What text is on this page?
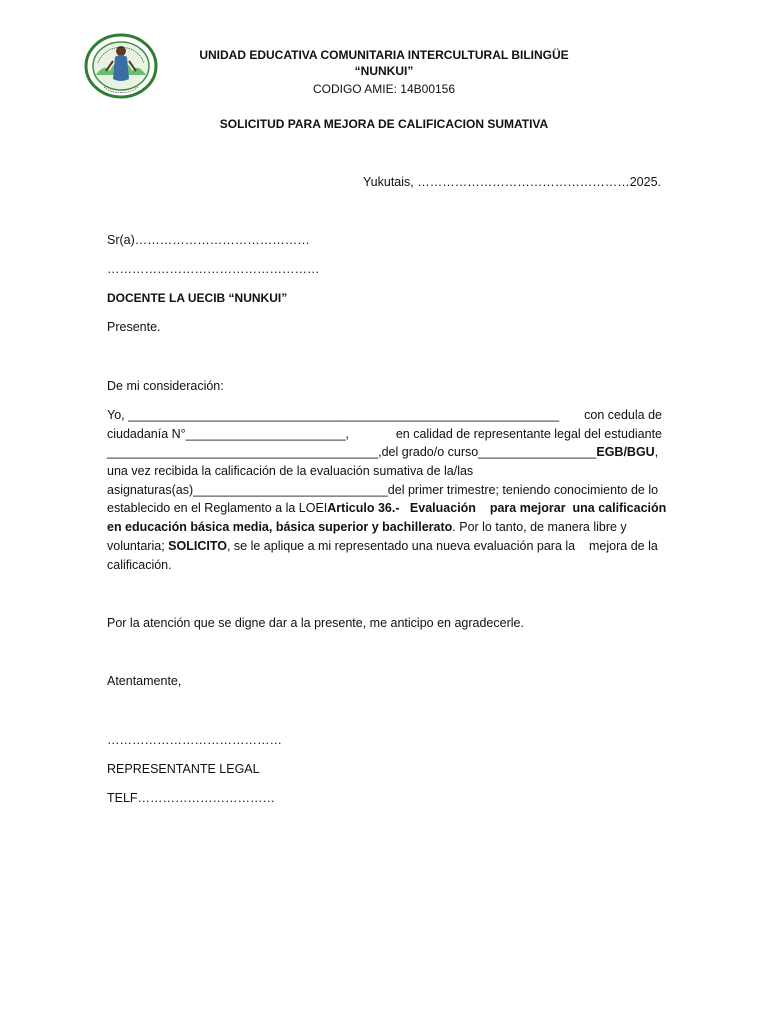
UNIDAD EDUCATIVA COMUNITARIA INTERCULTURAL BILINGÜE
“NUNKUI”
CODIGO AMIE: 14B00156
SOLICITUD PARA MEJORA DE CALIFICACION SUMATIVA
Yukutais, ……………………………………………2025.
Sr(a)……………………………………
……………………………………………
DOCENTE LA UECIB “NUNKUI”
Presente.
De mi consideración:
Yo, ______________________________________________________________ con cedula de
ciudadanía N°_______________________,	en calidad de representante legal del estudiante
_______________________________________,del grado/o curso_________________ EGB/BGU ,
una vez recibida la calificación de la evaluación sumativa de la/las
asignaturas(as)____________________________del primer trimestre; teniendo conocimiento de lo
establecido en el Reglamento a la LOEI Articulo 36.-   Evaluación    para mejorar  una calificación
en educación básica media, básica superior y bachillerato . Por lo tanto, de manera libre y
voluntaria; SOLICITO , se le aplique a mi representado una nueva evaluación para la    mejora de la
calificación.
Por la atención que se digne dar a la presente, me anticipo en agradecerle.
Atentamente,
……………………………………
REPRESENTANTE LEGAL
TELF……………………………
